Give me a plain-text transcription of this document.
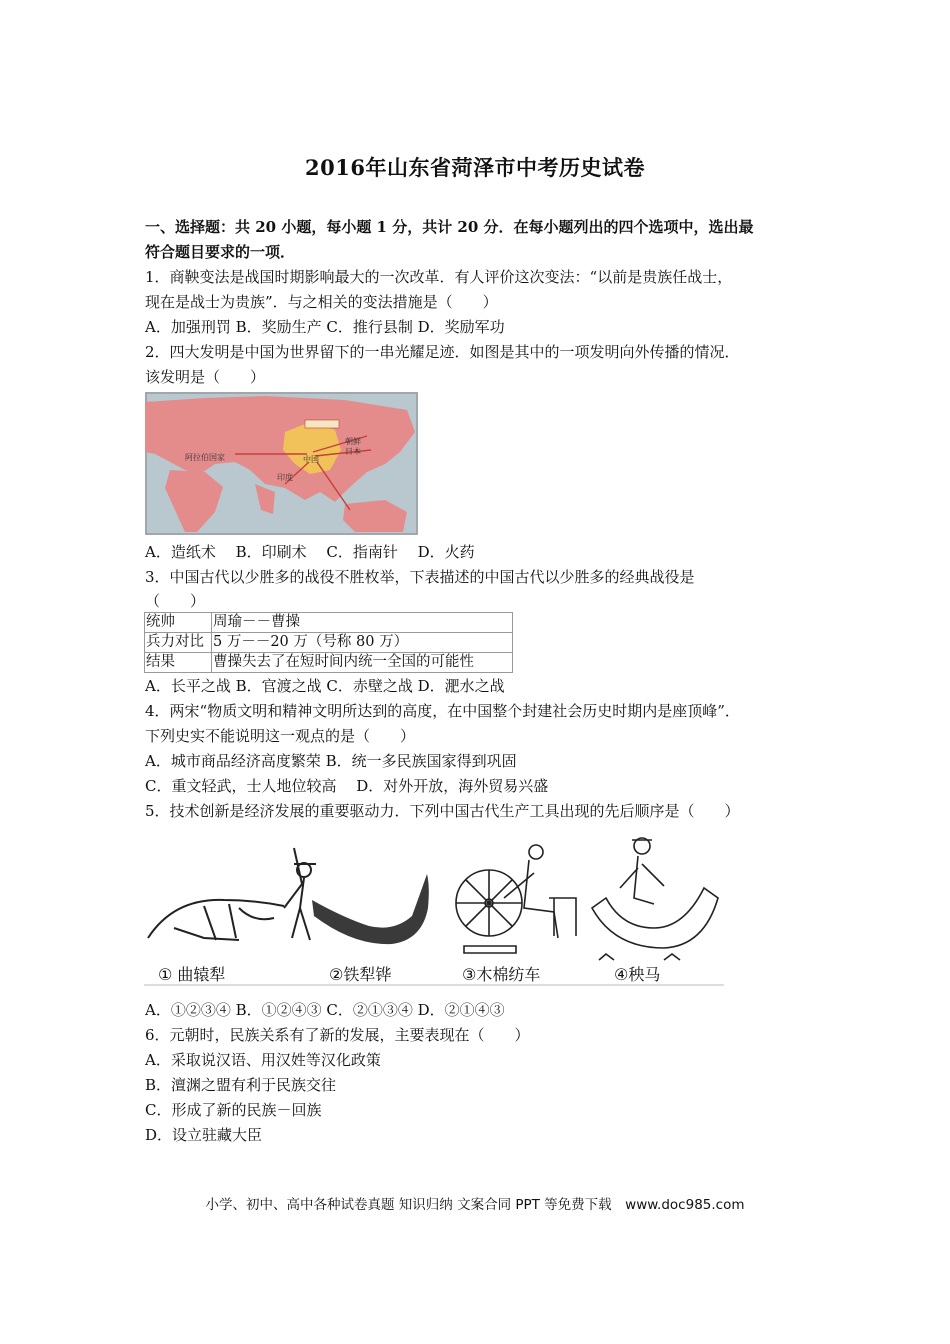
2016年山东省菏泽市中考历史试卷
一、选择题：共 20 小题，每小题 1 分，共计 20 分．在每小题列出的四个选项中，选出最
符合题目要求的一项．
1．商鞅变法是战国时期影响最大的一次改革．有人评价这次变法：“以前是贵族任战士，
现在是战士为贵族”．与之相关的变法措施是（　　）
A．加强刑罚 B．奖励生产 C．推行县制 D．奖励军功
2．四大发明是中国为世界留下的一串光耀足迹．如图是其中的一项发明向外传播的情况．
该发明是（　　）
阿拉伯国家	中国
朝鲜
日本
印度
A．造纸术　 B．印刷术　 C．指南针　 D．火药
3．中国古代以少胜多的战役不胜枚举，下表描述的中国古代以少胜多的经典战役是
（　　）
统帅	周瑜－－曹操
兵力对比	5 万－－20 万（号称 80 万）
结果	曹操失去了在短时间内统一全国的可能性
A．长平之战 B．官渡之战 C．赤壁之战 D．淝水之战
4．两宋“物质文明和精神文明所达到的高度，在中国整个封建社会历史时期内是座顶峰”．
下列史实不能说明这一观点的是（　　）
A．城市商品经济高度繁荣 B．统一多民族国家得到巩固
C．重文轻武，士人地位较高　 D．对外开放，海外贸易兴盛
5．技术创新是经济发展的重要驱动力．下列中国古代生产工具出现的先后顺序是（　　）
① 曲辕犁	②铁犁铧	③木棉纺车	④秧马
A．①②③④ B．①②④③ C．②①③④ D．②①④③
6．元朝时，民族关系有了新的发展，主要表现在（　　）
A．采取说汉语、用汉姓等汉化政策
B．澶渊之盟有利于民族交往
C．形成了新的民族－回族
D．设立驻藏大臣
小学、初中、高中各种试卷真题 知识归纳 文案合同 PPT 等免费下载　www.doc985.com
